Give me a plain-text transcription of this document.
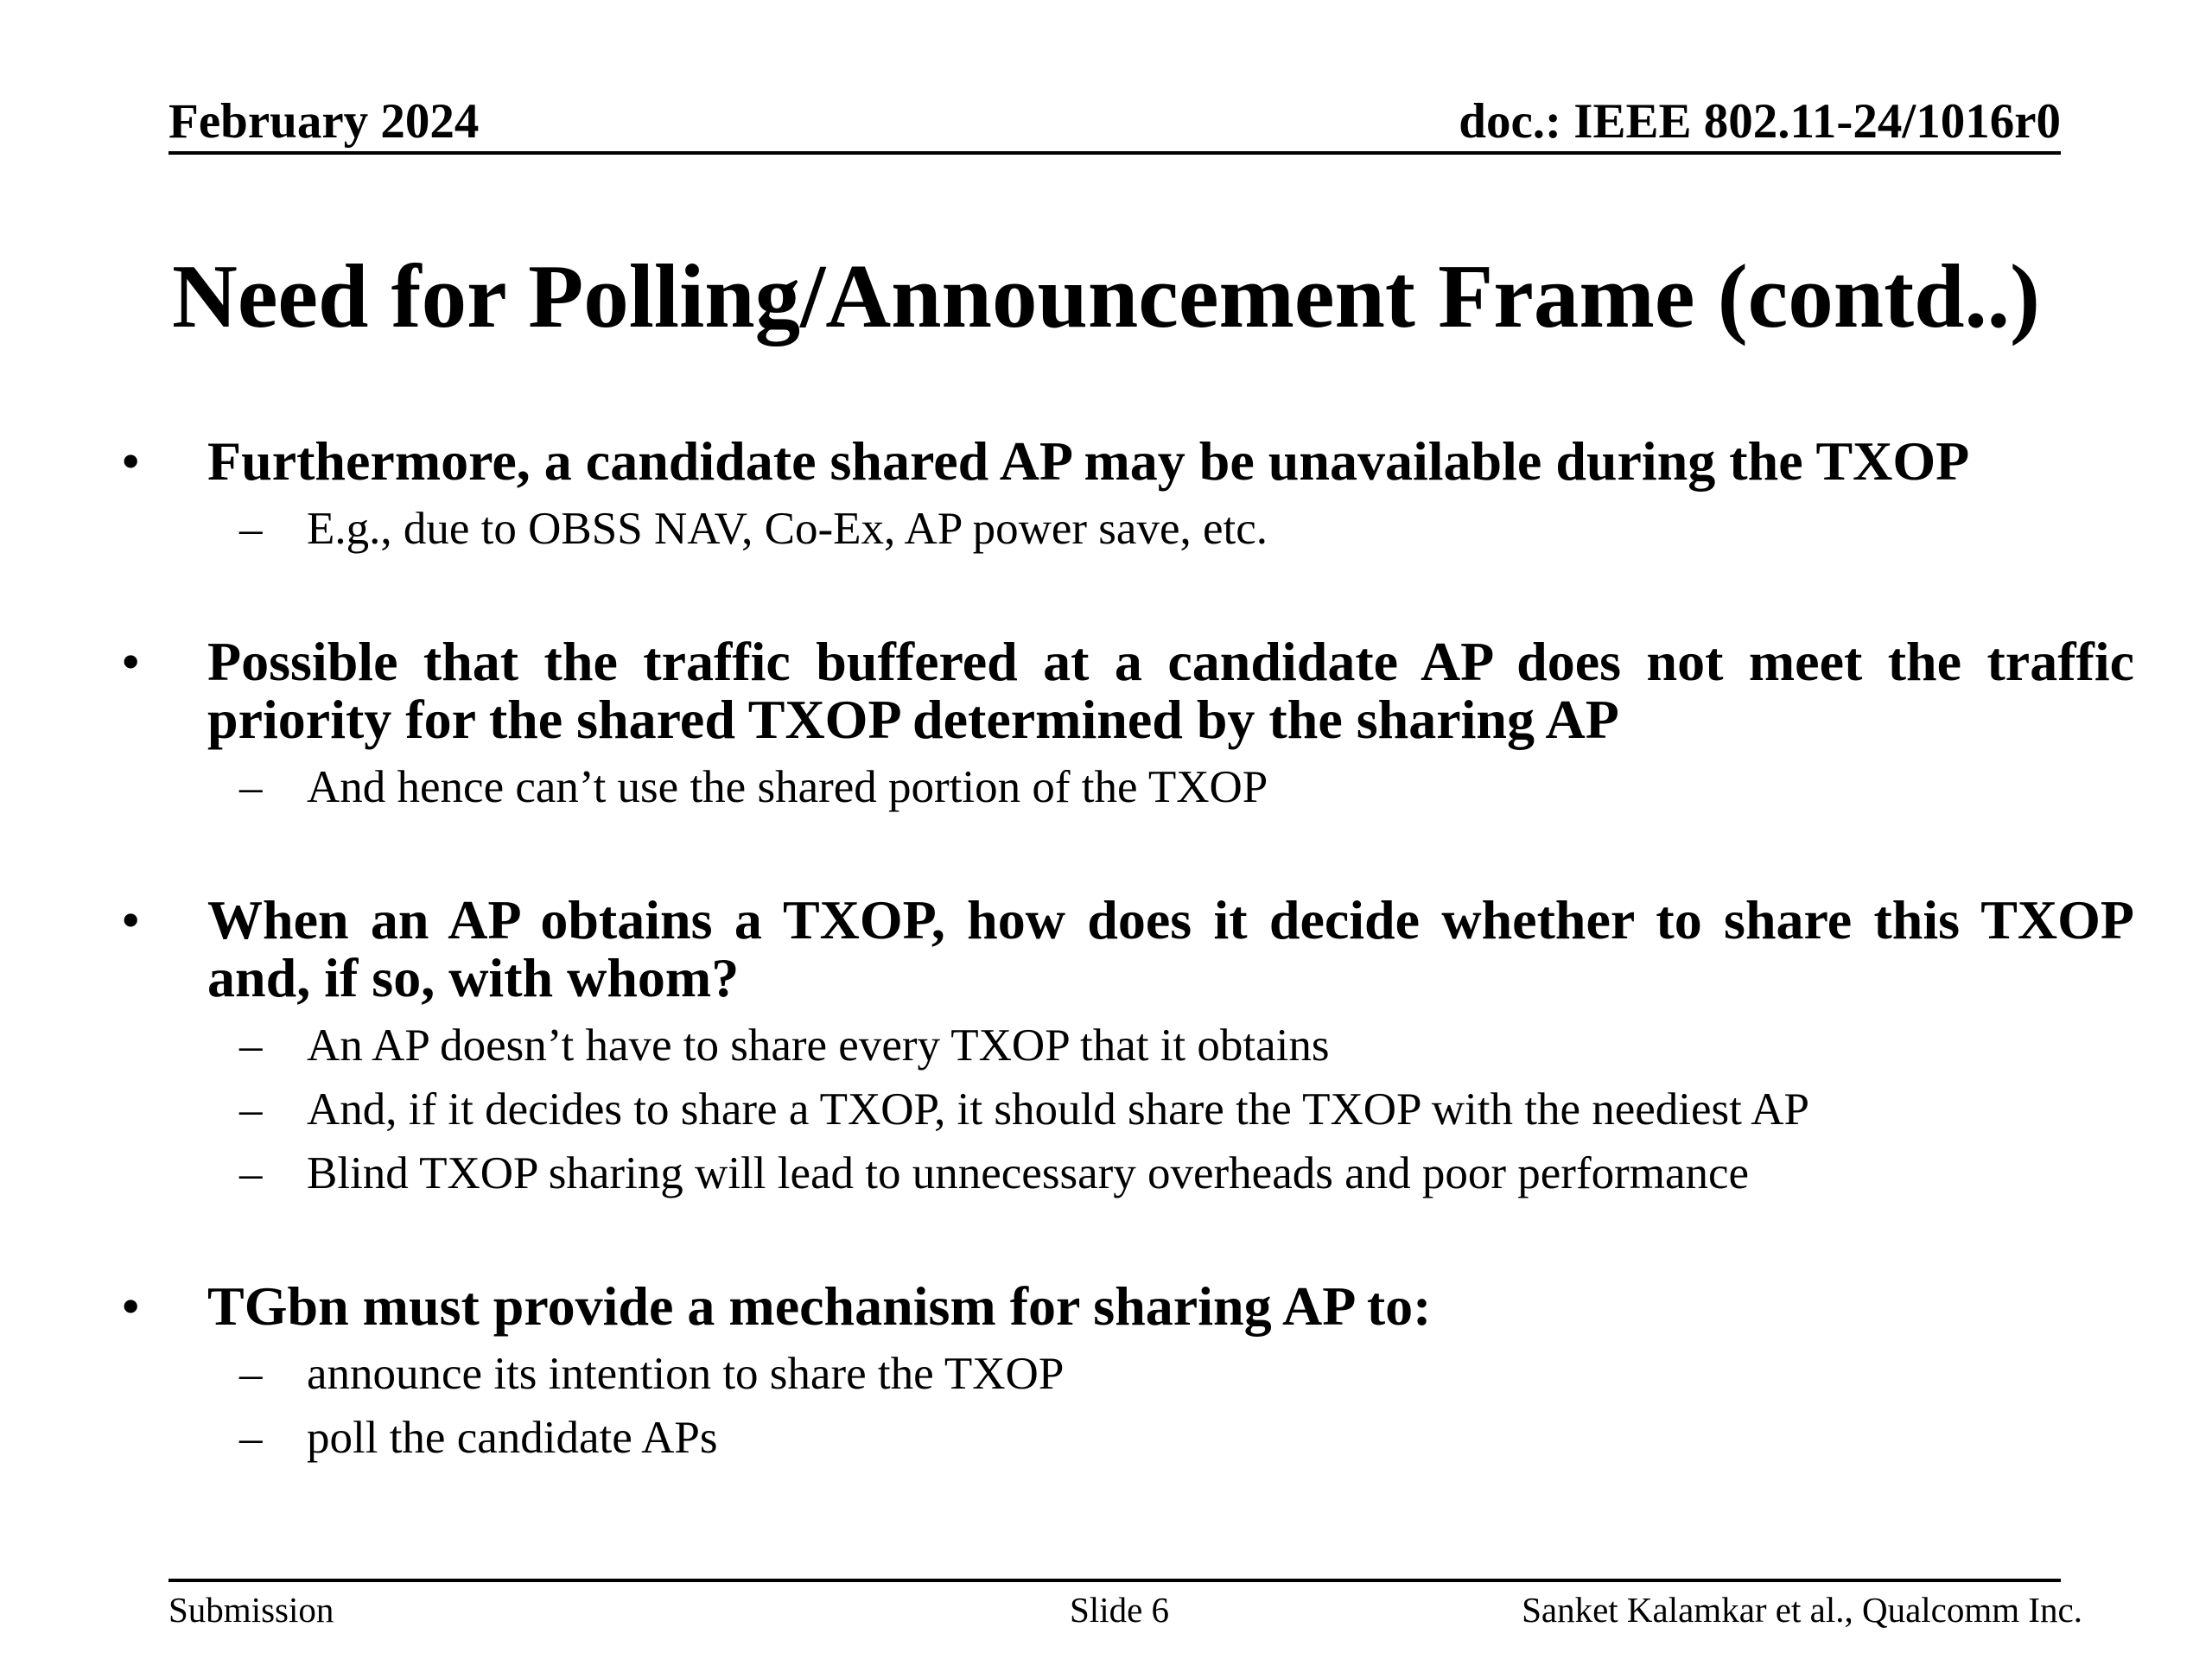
February 2024	doc.: IEEE 802.11-24/1016r0
Need for Polling/Announcement Frame (contd..)
• Furthermore, a candidate shared AP may be unavailable during the TXOP
– E.g., due to OBSS NAV, Co-Ex, AP power save, etc.
• Possible that the traffic buffered at a candidate AP does not meet the traffic priority for the shared TXOP determined by the sharing AP
– And hence can’t use the shared portion of the TXOP
• When an AP obtains a TXOP, how does it decide whether to share this TXOP and, if so, with whom?
– An AP doesn’t have to share every TXOP that it obtains
– And, if it decides to share a TXOP, it should share the TXOP with the neediest AP
– Blind TXOP sharing will lead to unnecessary overheads and poor performance
• TGbn must provide a mechanism for sharing AP to:
– announce its intention to share the TXOP
– poll the candidate APs
Submission	Slide 6	Sanket Kalamkar et al., Qualcomm Inc.
